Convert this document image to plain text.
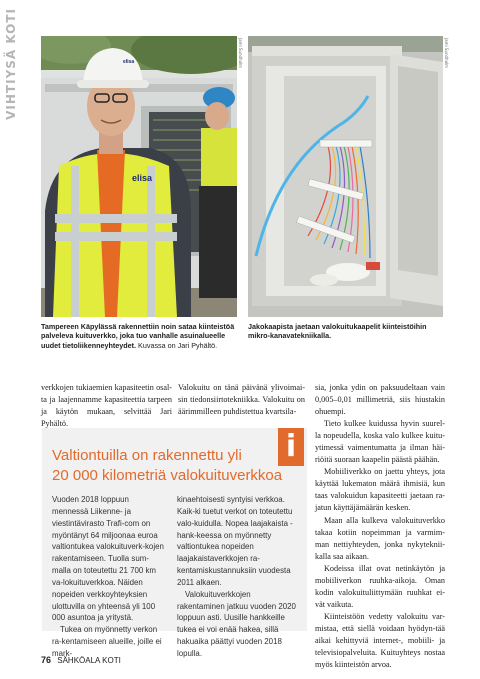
VIHTIYSÄ KOTI
elisa
elisa	Jami Sundholm	Jami Sundholm
Tampereen Käpylässä rakennettiin noin sataa kiinteistöä palveleva kuituverkko, joka tuo vanhalle asuinalueelle uudet tietoliikenneyhteydet. Kuvassa on Jari Pyhältö.
Jakokaapista jaetaan valokuitukaapelit kiinteistöihin mikro-kanavatekniikalla.

verkkojen tukiaemien kapasiteetin osal-ta ja laajennamme kapasiteettia tarpeen ja käytön mukaan, selvittää Jari Pyhältö.

Valokuitu on tänä päivänä ylivoimai-sin tiedonsiirtotekniikka. Valokuitu on äärimmilleen puhdistettua kvartsila-

sia, jonka ydin on paksuudeltaan vain 0,005–0,01 millimetriä, siis hiustakin ohuempi.

Tieto kulkee kuidussa hyvin suurel-la nopeudella, koska valo kulkee kuitu-ytimessä vaimentumatta ja ilman häi-riöitä suoraan kaapelin päästä päähän.

Mobiiliverkko on jaettu yhteys, jota käyttää lukematon määrä ihmisiä, kun taas valokuidun kapasiteetti jaetaan ra-jatun käyttäjämäärän kesken.

Maan alla kulkeva valokuituverkko takaa kotiin nopeimman ja varmim-man nettiyhteyden, jonka nykyteknii-kalla saa aikaan.

Kodeissa illat ovat netinkäytön ja mobiiliverkon ruuhka-aikoja. Oman kodin valokuituliittymään ruuhkat ei-vät vaikuta.

Kiinteistöön vedetty valokuitu var-mistaa, että siellä voidaan hyödyn-tää aikai kehittyviä internet-, mobiili- ja televisiopalveluita. Kuituyhteys nostaa myös kiinteistön arvoa.

i
Valtiontuilla on rakennettu yli
20 000 kilometriä valokuituverkkoa

Vuoden 2018 loppuun mennessä Liikenne- ja viestintävirasto Trafi-com on myöntänyt 64 miljoonaa euroa valtiontukea valokuituverk-kojen rakentamiseen. Tuolla sum-malla on toteutettu 21 700 km va-lokuituverkkoa. Näiden nopeiden verkkoyhteyksien ulottuvilla on yhteensä yli 100 000 asuntoa ja yritystä.

Tukea on myönnetty verkon ra-kentamiseen alueille, joille ei mark-

kinaehtoisesti syntyisi verkkoa. Kaik-ki tuetut verkot on toteutettu valo-kuidulla. Nopea laajakaista -hank-keessa on myönnetty valtiontukea nopeiden laajakaistaverkkojen ra-kentamiskustannuksiin vuodesta 2011 alkaen.

Valokuituverkkojen rakentaminen jatkuu vuoden 2020 loppuun asti. Uusille hankkeille tukea ei voi enää hakea, sillä hakuaika päättyi vuoden 2018 lopulla.

76 SÄHKÖALA KOTI
